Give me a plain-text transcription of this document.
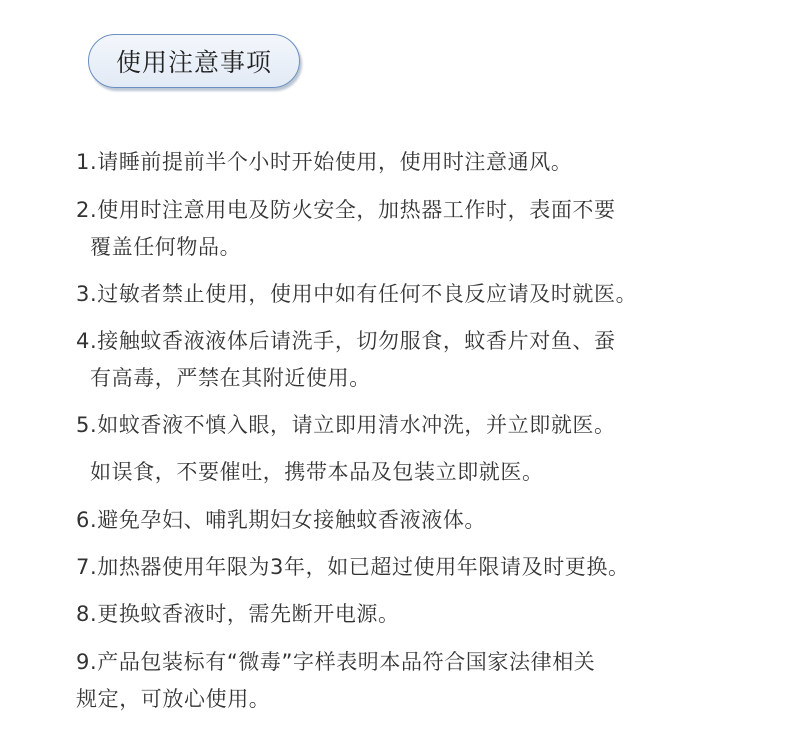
使用注意事项
1.请睡前提前半个小时开始使用，使用时注意通风。
2.使用时注意用电及防火安全，加热器工作时，表面不要
覆盖任何物品。
3.过敏者禁止使用，使用中如有任何不良反应请及时就医。
4.接触蚊香液液体后请洗手，切勿服食，蚊香片对鱼、蚕
有高毒，严禁在其附近使用。
5.如蚊香液不慎入眼，请立即用清水冲洗，并立即就医。
如误食，不要催吐，携带本品及包装立即就医。
6.避免孕妇、哺乳期妇女接触蚊香液液体。
7.加热器使用年限为3年，如已超过使用年限请及时更换。
8.更换蚊香液时，需先断开电源。
9.产品包装标有“微毒”字样表明本品符合国家法律相关
规定，可放心使用。
